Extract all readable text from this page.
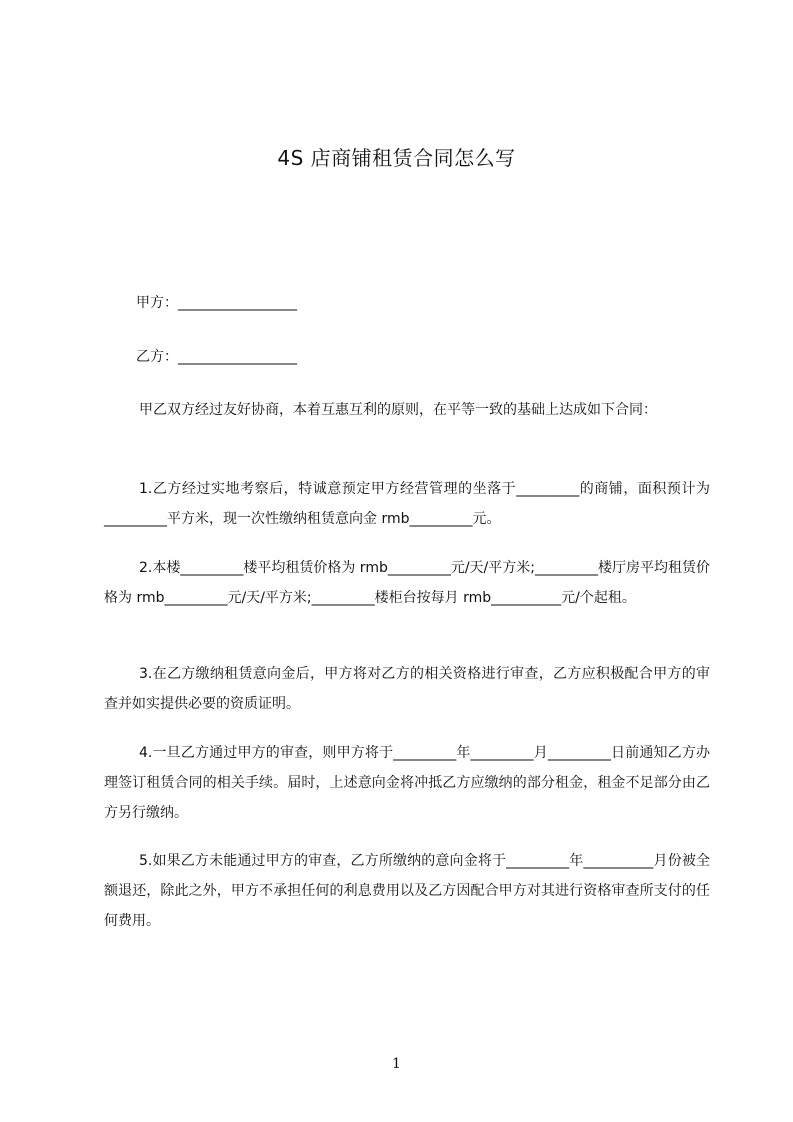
4S 店商铺租赁合同怎么写
甲方：_________________
乙方：_________________

甲乙双方经过友好协商，本着互惠互利的原则，在平等一致的基础上达成如下合同：

1.乙方经过实地考察后，特诚意预定甲方经营管理的坐落于_________的商铺，面积预计为_________平方米，现一次性缴纳租赁意向金 rmb_________元。

2.本楼_________楼平均租赁价格为 rmb_________元/天/平方米;_________楼厅房平均租赁价格为 rmb_________元/天/平方米;_________楼柜台按每月 rmb__________元/个起租。

3.在乙方缴纳租赁意向金后，甲方将对乙方的相关资格进行审查，乙方应积极配合甲方的审查并如实提供必要的资质证明。

4.一旦乙方通过甲方的审查，则甲方将于_________年_________月_________日前通知乙方办理签订租赁合同的相关手续。届时，上述意向金将冲抵乙方应缴纳的部分租金，租金不足部分由乙方另行缴纳。

5.如果乙方未能通过甲方的审查，乙方所缴纳的意向金将于_________年__________月份被全额退还，除此之外，甲方不承担任何的利息费用以及乙方因配合甲方对其进行资格审查所支付的任何费用。

1
